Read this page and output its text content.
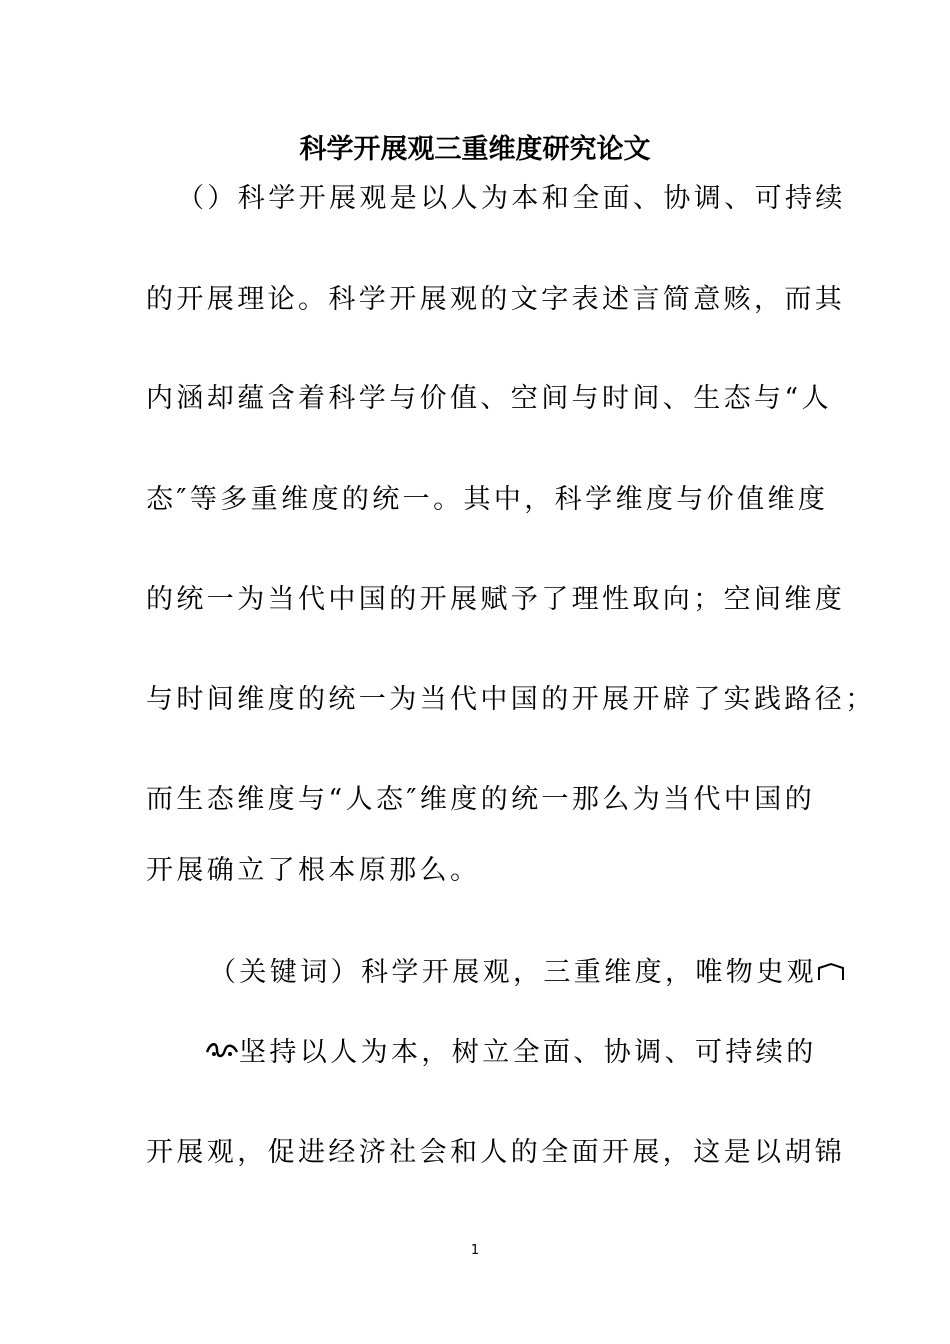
科学开展观三重维度研究论文
（）科学开展观是以人为本和全面、协调、可持续
的开展理论。科学开展观的文字表述言简意赅，而其
内涵却蕴含着科学与价值、空间与时间、生态与“人
态″等多重维度的统一。其中，科学维度与价值维度
的统一为当代中国的开展赋予了理性取向；空间维度
与时间维度的统一为当代中国的开展开辟了实践路径；
而生态维度与“人态″维度的统一那么为当代中国的
开展确立了根本原那么。
（关键词）科学开展观，三重维度，唯物史观
坚持以人为本，树立全面、协调、可持续的
开展观，促进经济社会和人的全面开展，这是以胡锦
1
